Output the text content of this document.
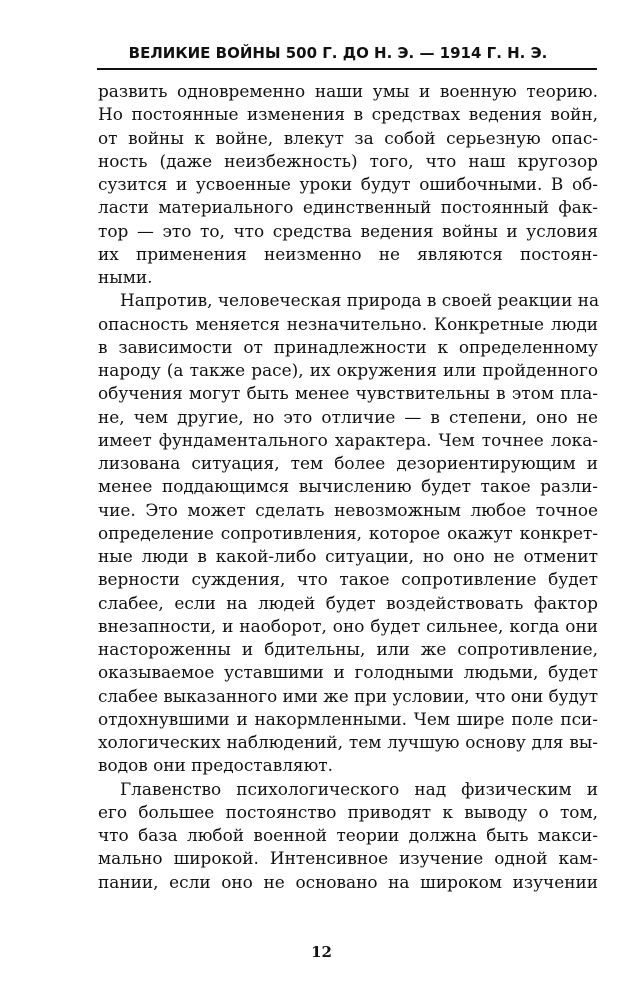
ВЕЛИКИЕ ВОЙНЫ 500 Г. ДО Н. Э. — 1914 Г. Н. Э.
развить одновременно наши умы и военную теорию.
Но постоянные изменения в средствах ведения войн,
от войны к войне, влекут за собой серьезную опас-
ность (даже неизбежность) того, что наш кругозор
сузится и усвоенные уроки будут ошибочными. В об-
ласти материального единственный постоянный фак-
тор — это то, что средства ведения войны и условия
их применения неизменно не являются постоян-
ными.
Напротив, человеческая природа в своей реакции на
опасность меняется незначительно. Конкретные люди
в зависимости от принадлежности к определенному
народу (а также расе), их окружения или пройденного
обучения могут быть менее чувствительны в этом пла-
не, чем другие, но это отличие — в степени, оно не
имеет фундаментального характера. Чем точнее лока-
лизована ситуация, тем более дезориентирующим и
менее поддающимся вычислению будет такое разли-
чие. Это может сделать невозможным любое точное
определение сопротивления, которое окажут конкрет-
ные люди в какой-либо ситуации, но оно не отменит
верности суждения, что такое сопротивление будет
слабее, если на людей будет воздействовать фактор
внезапности, и наоборот, оно будет сильнее, когда они
настороженны и бдительны, или же сопротивление,
оказываемое уставшими и голодными людьми, будет
слабее выказанного ими же при условии, что они будут
отдохнувшими и накормленными. Чем шире поле пси-
хологических наблюдений, тем лучшую основу для вы-
водов они предоставляют.
Главенство психологического над физическим и
его большее постоянство приводят к выводу о том,
что база любой военной теории должна быть макси-
мально широкой. Интенсивное изучение одной кам-
пании, если оно не основано на широком изучении
12
